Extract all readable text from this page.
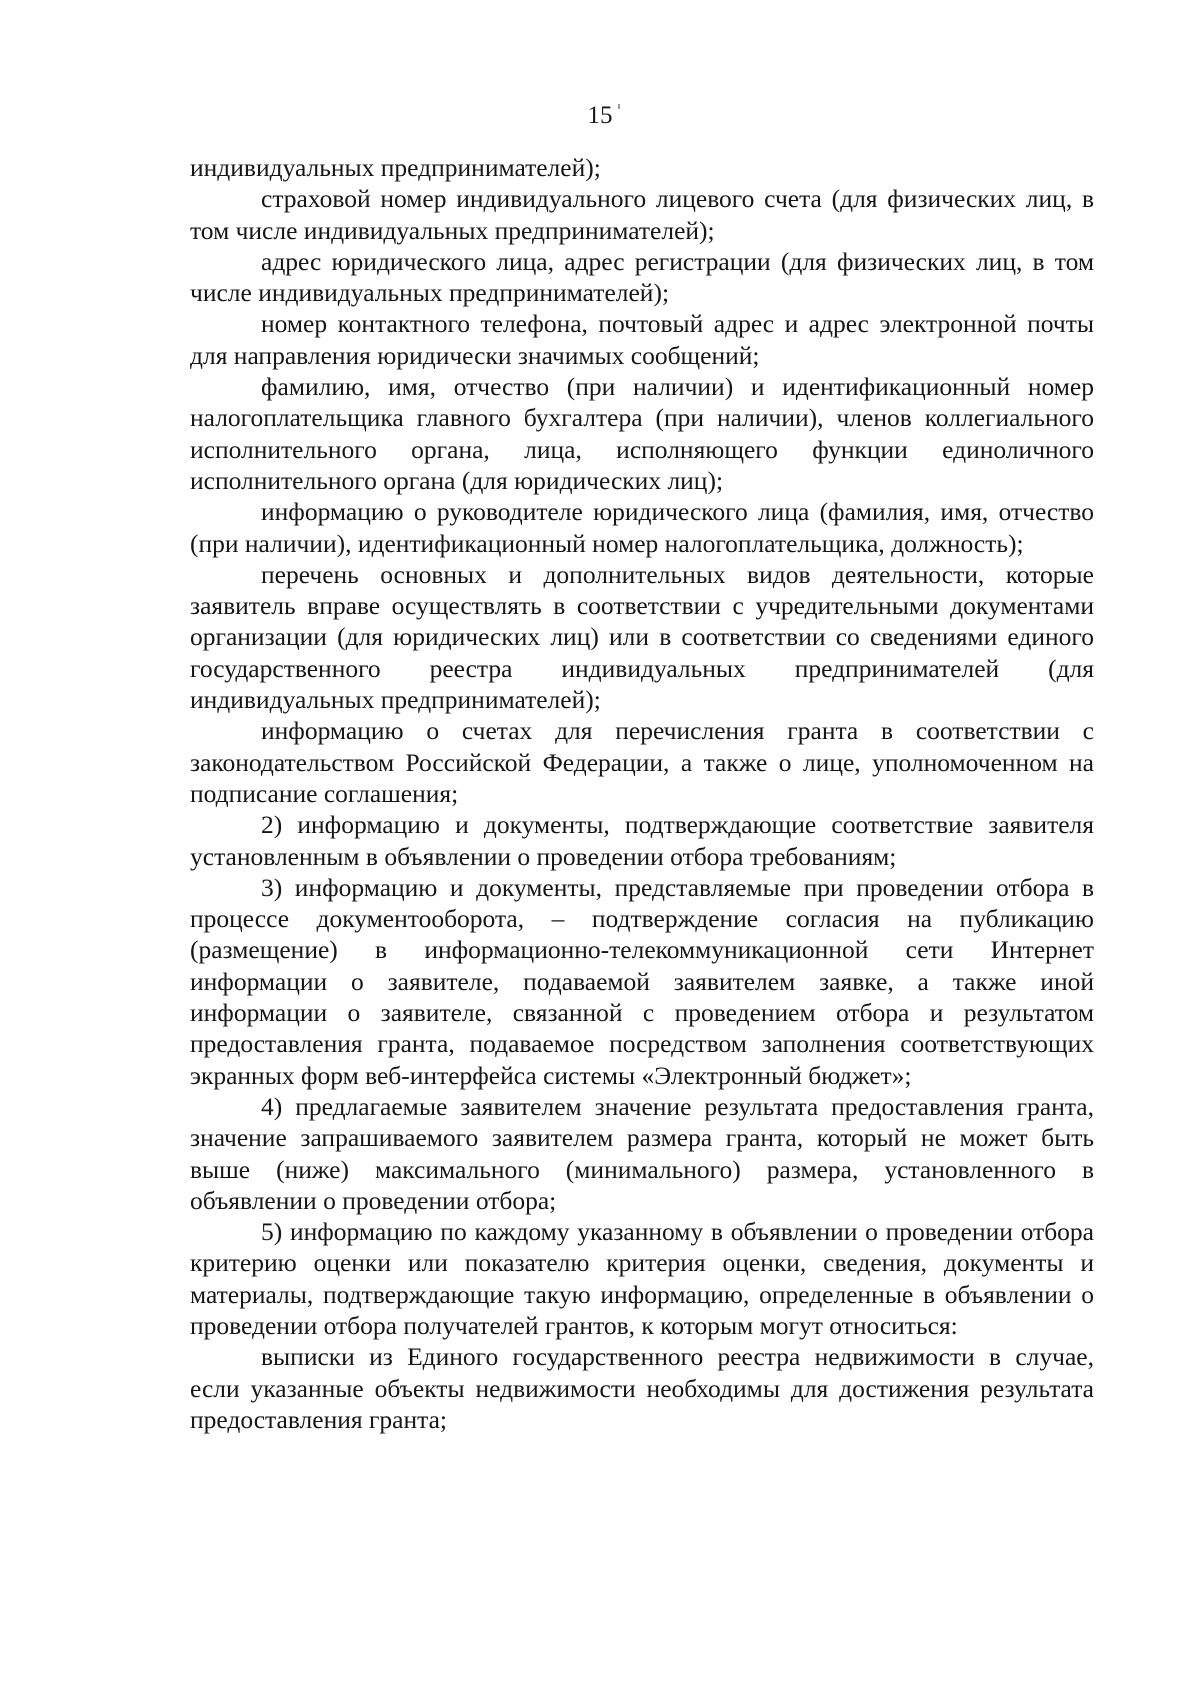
15

индивидуальных предпринимателей);

страховой номер индивидуального лицевого счета (для физических лиц, в том числе индивидуальных предпринимателей);

адрес юридического лица, адрес регистрации (для физических лиц, в том числе индивидуальных предпринимателей);

номер контактного телефона, почтовый адрес и адрес электронной почты для направления юридически значимых сообщений;

фамилию, имя, отчество (при наличии) и идентификационный номер налогоплательщика главного бухгалтера (при наличии), членов коллегиального исполнительного органа, лица, исполняющего функции единоличного исполнительного органа (для юридических лиц);

информацию о руководителе юридического лица (фамилия, имя, отчество (при наличии), идентификационный номер налогоплательщика, должность);

перечень основных и дополнительных видов деятельности, которые заявитель вправе осуществлять в соответствии с учредительными документами организации (для юридических лиц) или в соответствии со сведениями единого государственного реестра индивидуальных предпринимателей (для индивидуальных предпринимателей);

информацию о счетах для перечисления гранта в соответствии с законодательством Российской Федерации, а также о лице, уполномоченном на подписание соглашения;

2) информацию и документы, подтверждающие соответствие заявителя установленным в объявлении о проведении отбора требованиям;

3) информацию и документы, представляемые при проведении отбора в процессе документооборота, – подтверждение согласия на публикацию (размещение) в информационно-телекоммуникационной сети Интернет информации о заявителе, подаваемой заявителем заявке, а также иной информации о заявителе, связанной с проведением отбора и результатом предоставления гранта, подаваемое посредством заполнения соответствующих экранных форм веб-интерфейса системы «Электронный бюджет»;

4) предлагаемые заявителем значение результата предоставления гранта, значение запрашиваемого заявителем размера гранта, который не может быть выше (ниже) максимального (минимального) размера, установленного в объявлении о проведении отбора;

5) информацию по каждому указанному в объявлении о проведении отбора критерию оценки или показателю критерия оценки, сведения, документы и материалы, подтверждающие такую информацию, определенные в объявлении о проведении отбора получателей грантов, к которым могут относиться:

выписки из Единого государственного реестра недвижимости в случае, если указанные объекты недвижимости необходимы для достижения результата предоставления гранта;
